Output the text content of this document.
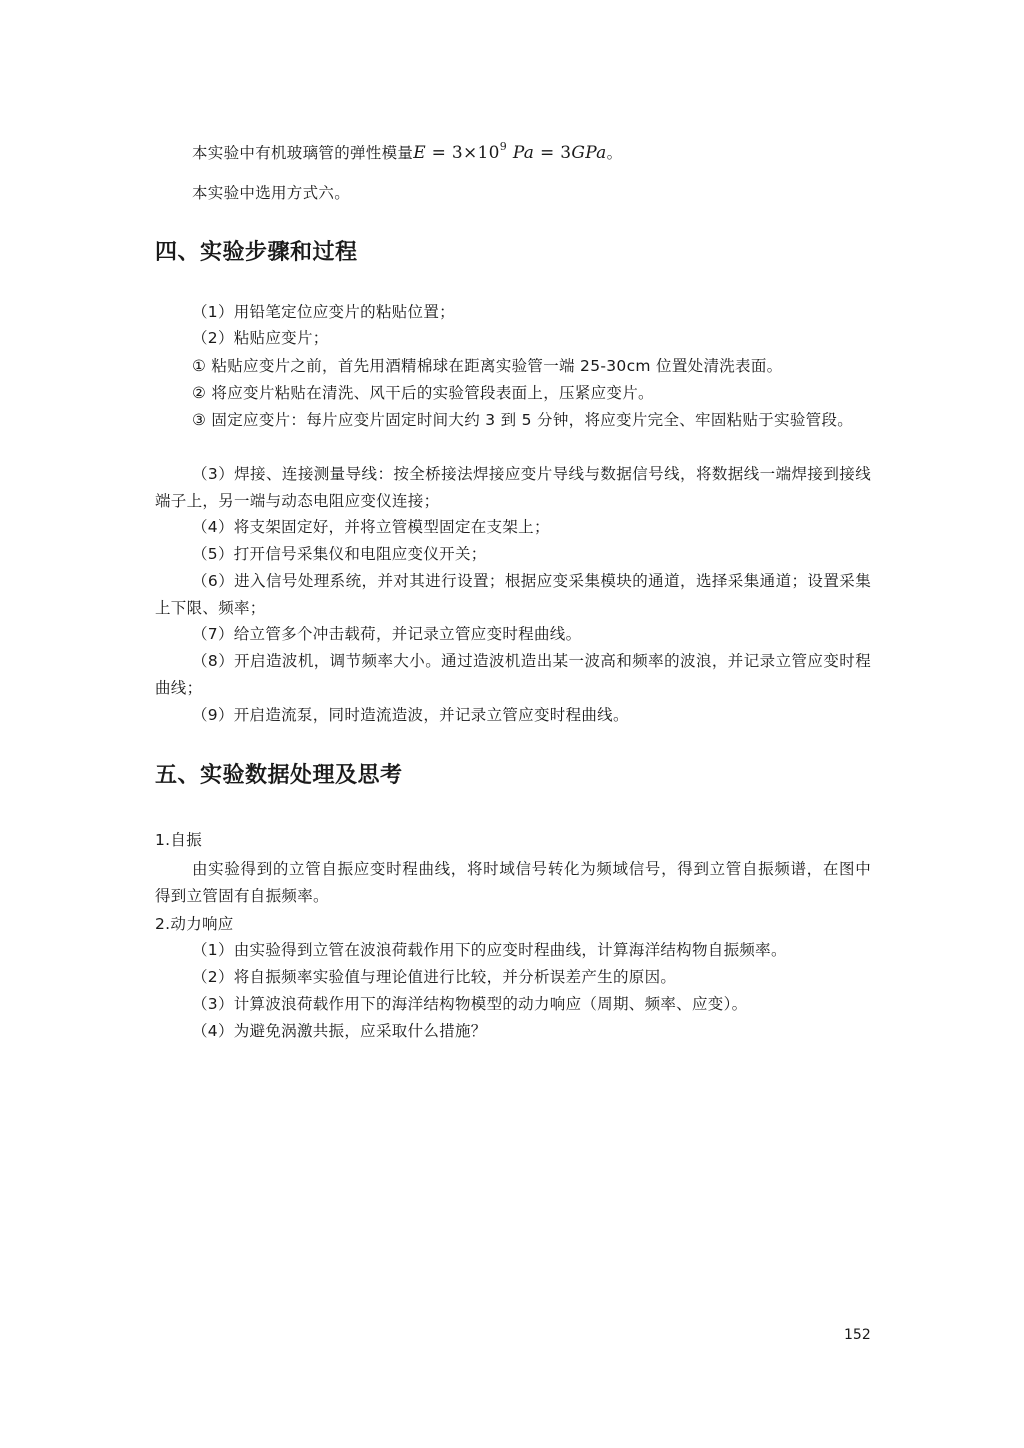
本实验中有机玻璃管的弹性模量$E = 3\times 10^9$ Pa = 3GPa。
本实验中选用方式六。
四、实验步骤和过程
（1）用铅笔定位应变片的粘贴位置；
（2）粘贴应变片；
① 粘贴应变片之前，首先用酒精棉球在距离实验管一端 25-30cm 位置处清洗表面。
② 将应变片粘贴在清洗、风干后的实验管段表面上，压紧应变片。
③ 固定应变片：每片应变片固定时间大约 3 到 5 分钟，将应变片完全、牢固粘贴于实验管段。
（3）焊接、连接测量导线：按全桥接法焊接应变片导线与数据信号线，将数据线一端焊接到接线端子上，另一端与动态电阻应变仪连接；
（4）将支架固定好，并将立管模型固定在支架上；
（5）打开信号采集仪和电阻应变仪开关；
（6）进入信号处理系统，并对其进行设置；根据应变采集模块的通道，选择采集通道；设置采集上下限、频率；
（7）给立管多个冲击载荷，并记录立管应变时程曲线。
（8）开启造波机，调节频率大小。通过造波机造出某一波高和频率的波浪，并记录立管应变时程曲线；
（9）开启造流泵，同时造流造波，并记录立管应变时程曲线。
五、实验数据处理及思考
1.自振
由实验得到的立管自振应变时程曲线，将时域信号转化为频域信号，得到立管自振频谱，在图中得到立管固有自振频率。
2.动力响应
（1）由实验得到立管在波浪荷载作用下的应变时程曲线，计算海洋结构物自振频率。
（2）将自振频率实验值与理论值进行比较，并分析误差产生的原因。
（3）计算波浪荷载作用下的海洋结构物模型的动力响应（周期、频率、应变）。
（4）为避免涡激共振，应采取什么措施？
152
